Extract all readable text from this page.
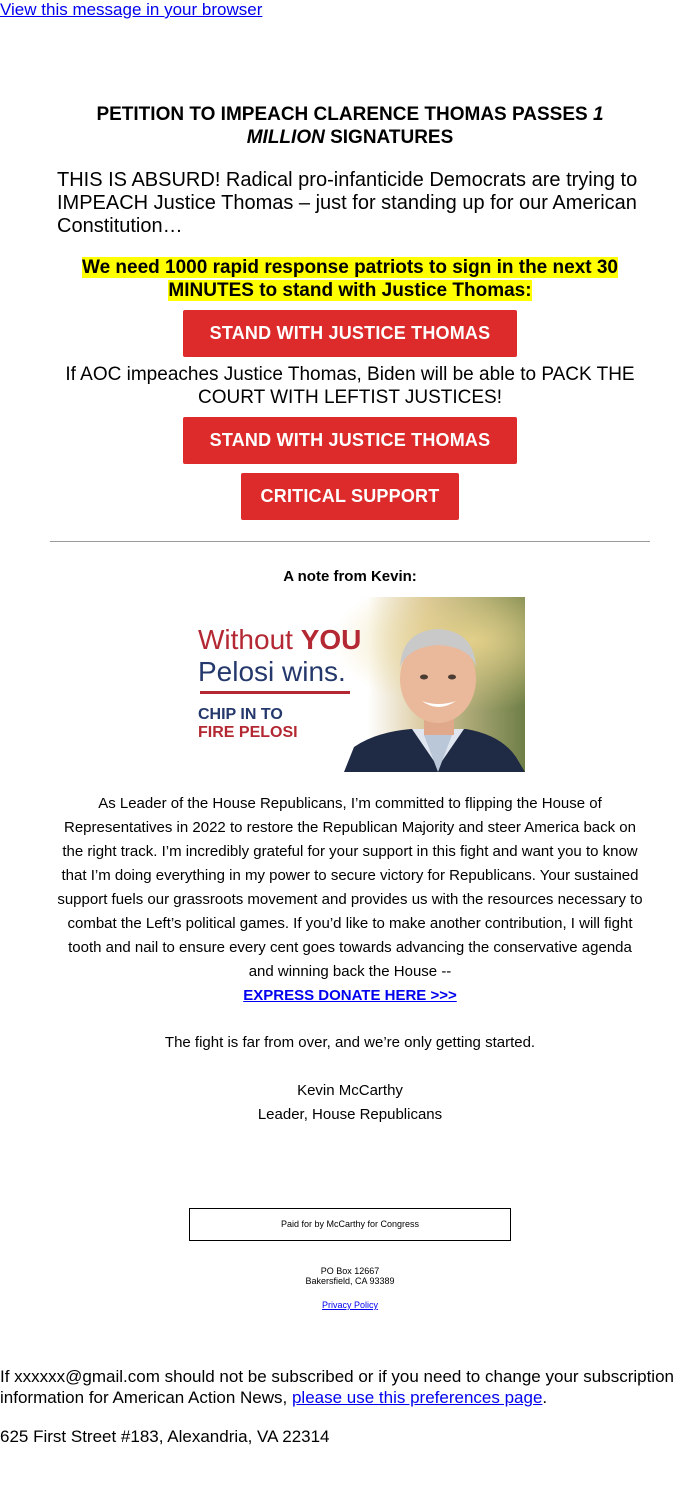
View this message in your browser
PETITION TO IMPEACH CLARENCE THOMAS PASSES 1 MILLION SIGNATURES
THIS IS ABSURD! Radical pro-infanticide Democrats are trying to IMPEACH Justice Thomas – just for standing up for our American Constitution…
We need 1000 rapid response patriots to sign in the next 30 MINUTES to stand with Justice Thomas:
STAND WITH JUSTICE THOMAS
If AOC impeaches Justice Thomas, Biden will be able to PACK THE COURT WITH LEFTIST JUSTICES!
STAND WITH JUSTICE THOMAS
CRITICAL SUPPORT
A note from Kevin:
Without YOU
Pelosi wins.
CHIP IN TO
FIRE PELOSI
As Leader of the House Republicans, I’m committed to flipping the House of Representatives in 2022 to restore the Republican Majority and steer America back on the right track. I’m incredibly grateful for your support in this fight and want you to know that I’m doing everything in my power to secure victory for Republicans. Your sustained support fuels our grassroots movement and provides us with the resources necessary to combat the Left’s political games. If you’d like to make another contribution, I will fight tooth and nail to ensure every cent goes towards advancing the conservative agenda and winning back the House --
EXPRESS DONATE HERE >>>
The fight is far from over, and we’re only getting started.
Kevin McCarthy
Leader, House Republicans
Paid for by McCarthy for Congress
PO Box 12667
Bakersfield, CA 93389
Privacy Policy
If xxxxxx@gmail.com should not be subscribed or if you need to change your subscription information for American Action News, please use this preferences page.
625 First Street #183, Alexandria, VA 22314
